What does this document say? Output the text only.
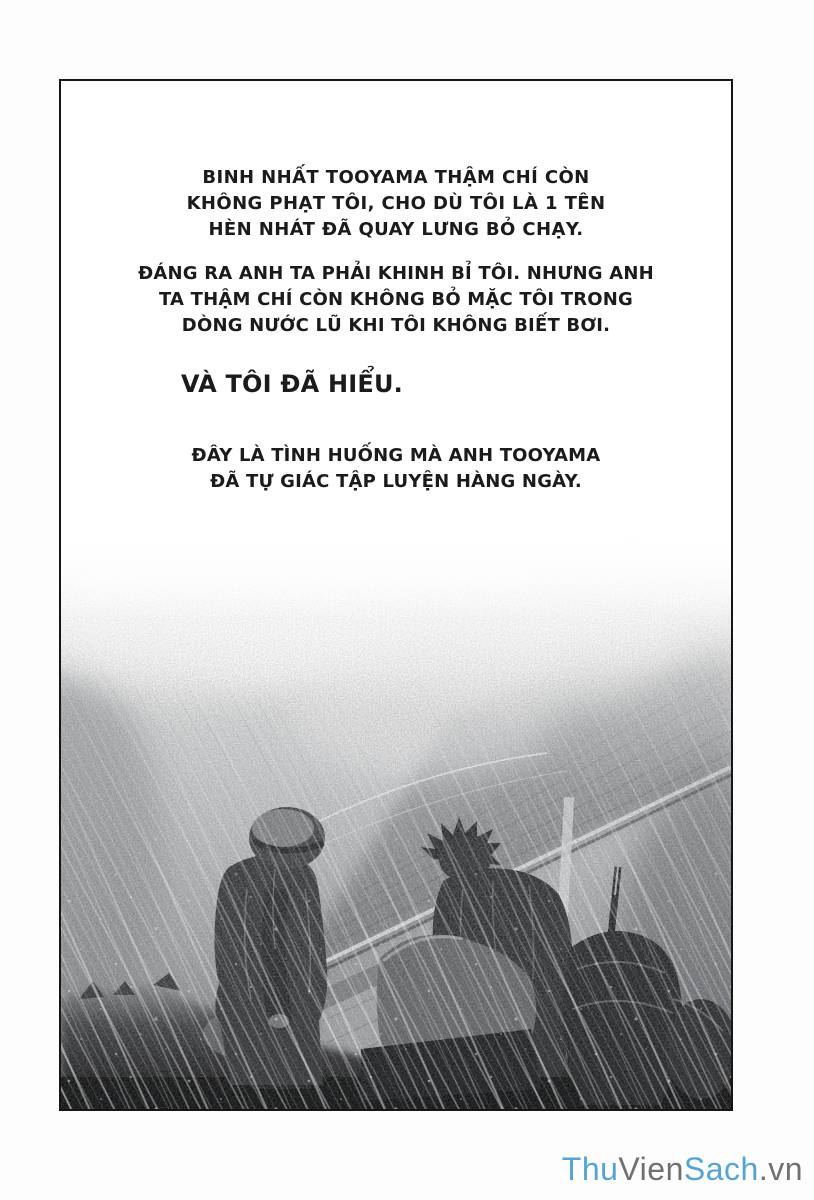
BINH NHẤT TOOYAMA THẬM CHÍ CÒN
KHÔNG PHẠT TÔI, CHO DÙ TÔI LÀ 1 TÊN
HÈN NHÁT ĐÃ QUAY LƯNG BỎ CHẠY.

ĐÁNG RA ANH TA PHẢI KHINH BỈ TÔI. NHƯNG ANH
TA THẬM CHÍ CÒN KHÔNG BỎ MẶC TÔI TRONG
DÒNG NƯỚC LŨ KHI TÔI KHÔNG BIẾT BƠI.

VÀ TÔI ĐÃ HIỂU.

ĐÂY LÀ TÌNH HUỐNG MÀ ANH TOOYAMA
ĐÃ TỰ GIÁC TẬP LUYỆN HÀNG NGÀY.

ThuVienSach.vn
